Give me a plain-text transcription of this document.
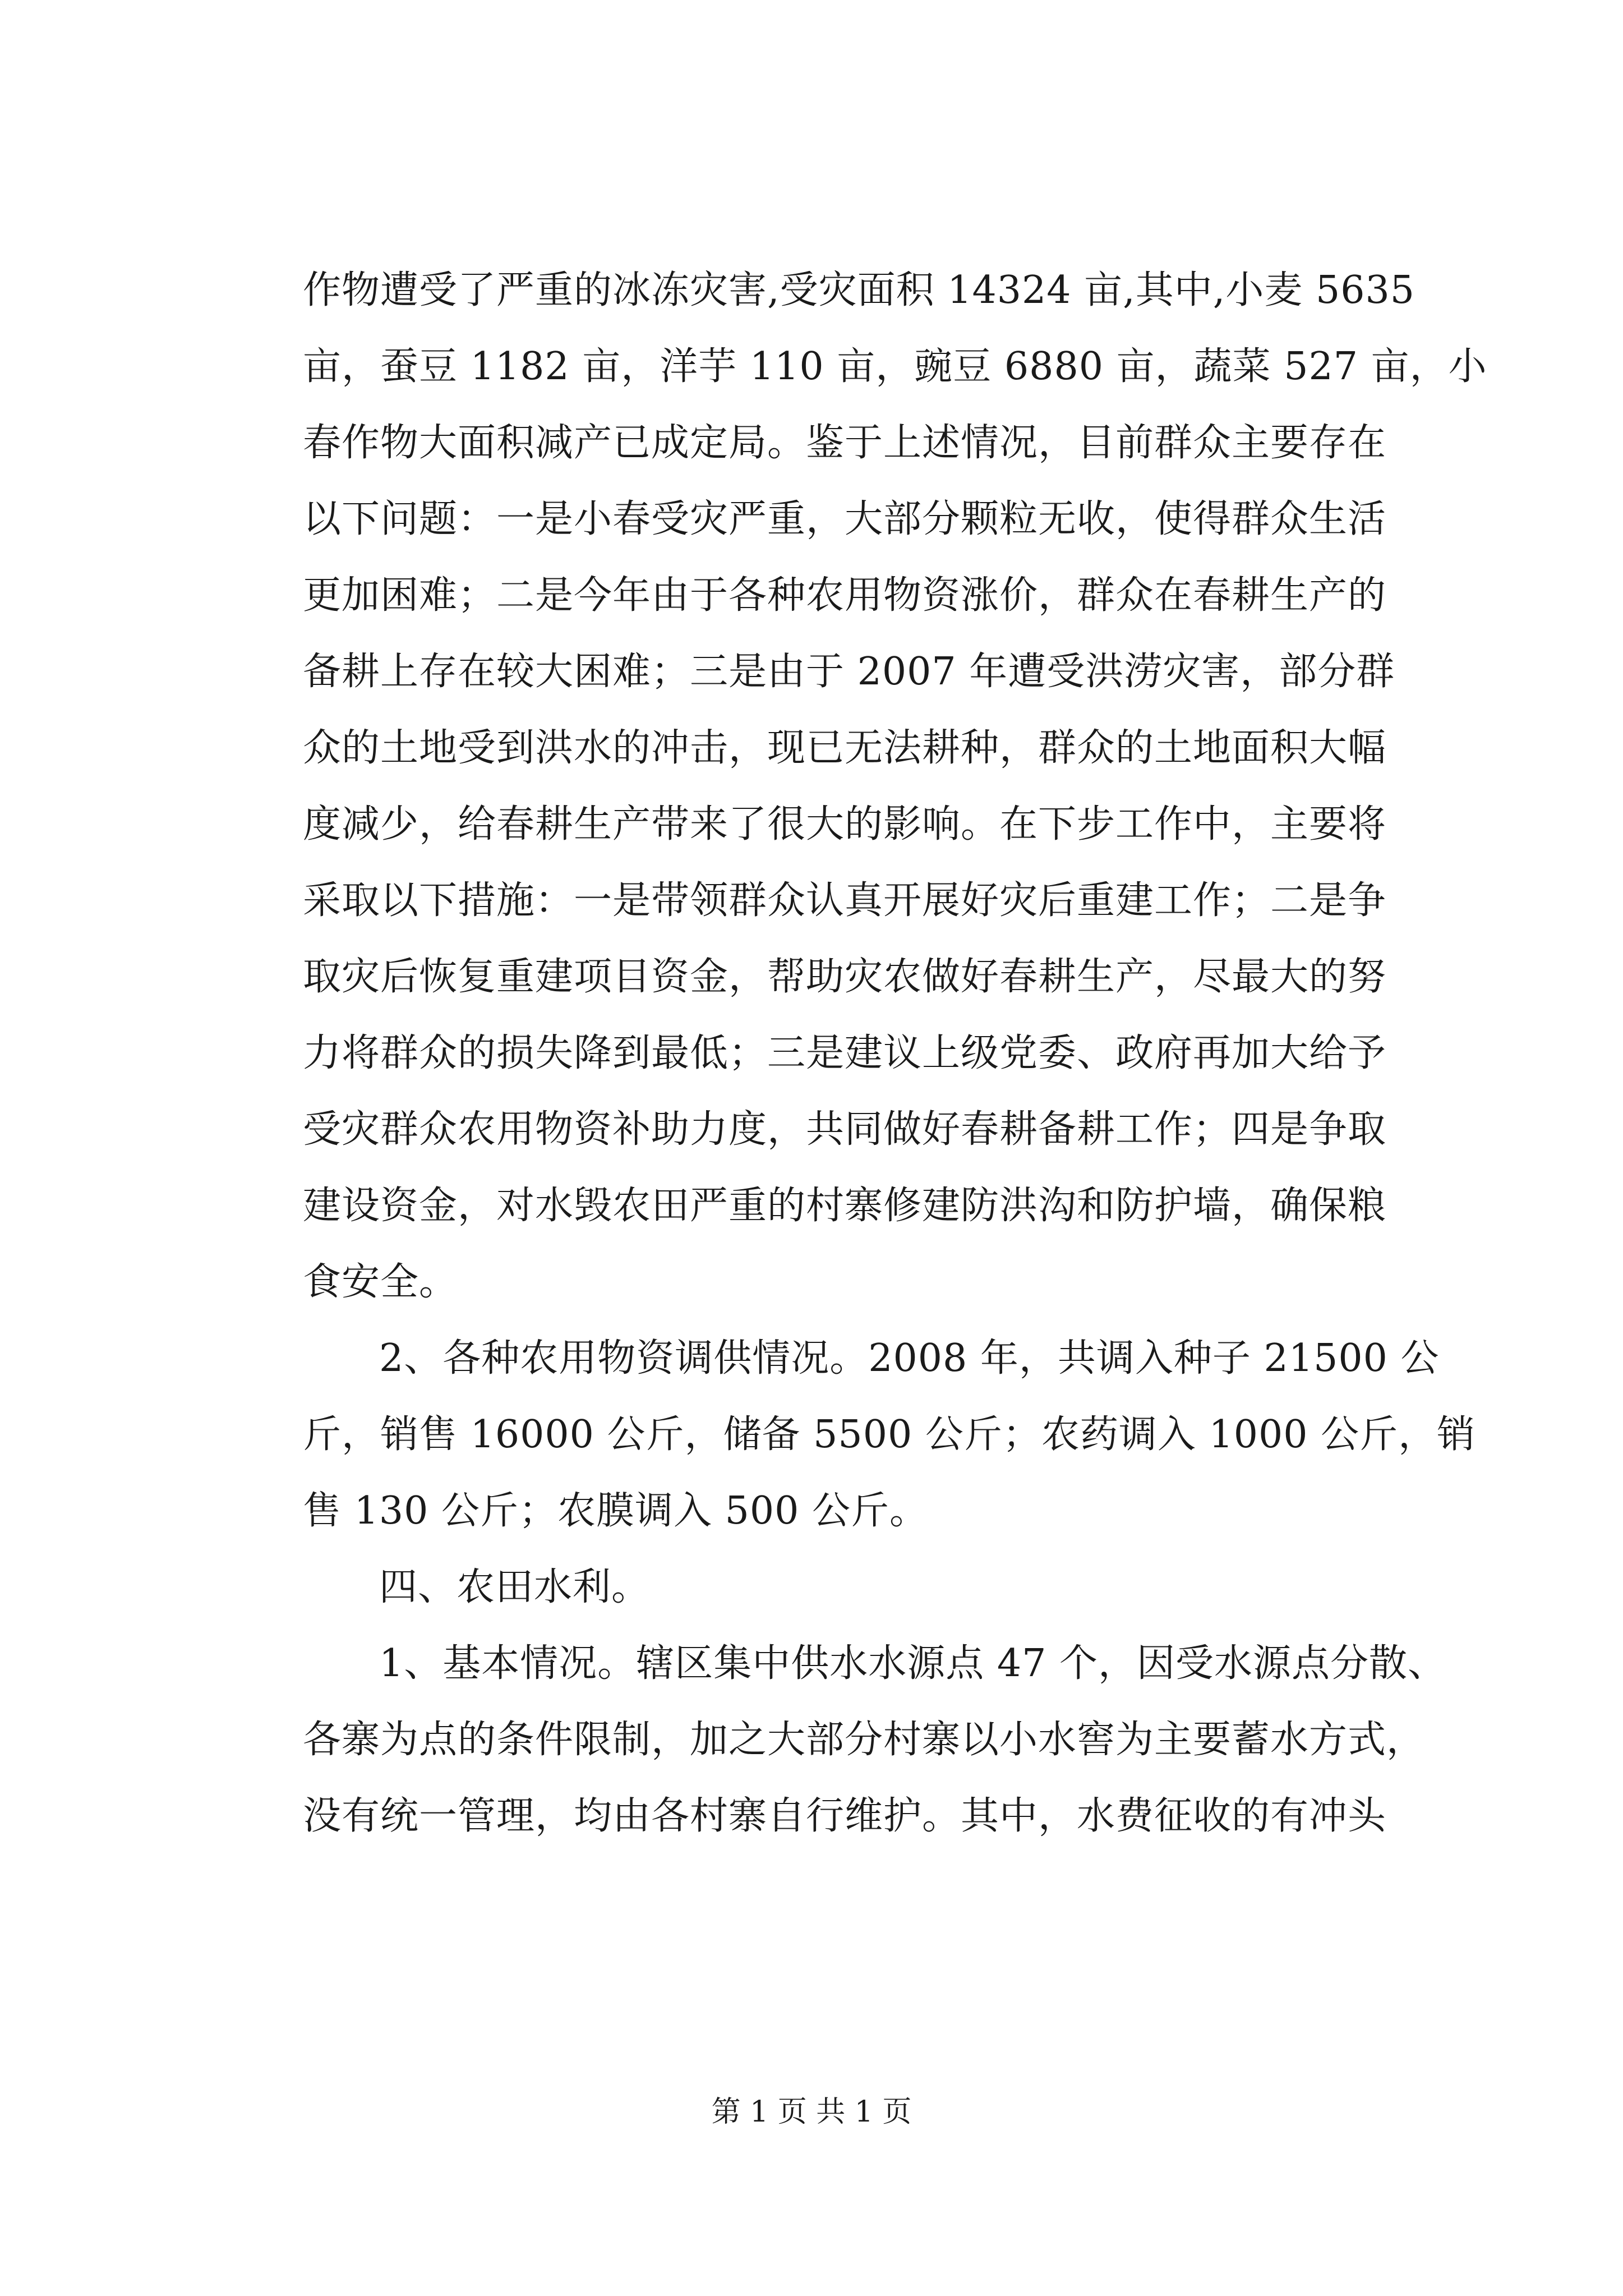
作物遭受了严重的冰冻灾害,受灾面积 14324 亩,其中,小麦 5635
亩，蚕豆 1182 亩，洋芋 110 亩，豌豆 6880 亩，蔬菜 527 亩，小
春作物大面积减产已成定局。鉴于上述情况，目前群众主要存在
以下问题：一是小春受灾严重，大部分颗粒无收，使得群众生活
更加困难；二是今年由于各种农用物资涨价，群众在春耕生产的
备耕上存在较大困难；三是由于 2007 年遭受洪涝灾害，部分群
众的土地受到洪水的冲击，现已无法耕种，群众的土地面积大幅
度减少，给春耕生产带来了很大的影响。在下步工作中，主要将
采取以下措施：一是带领群众认真开展好灾后重建工作；二是争
取灾后恢复重建项目资金，帮助灾农做好春耕生产，尽最大的努
力将群众的损失降到最低；三是建议上级党委、政府再加大给予
受灾群众农用物资补助力度，共同做好春耕备耕工作；四是争取
建设资金，对水毁农田严重的村寨修建防洪沟和防护墙，确保粮
食安全。
2、各种农用物资调供情况。2008 年，共调入种子 21500 公
斤，销售 16000 公斤，储备 5500 公斤；农药调入 1000 公斤，销
售 130 公斤；农膜调入 500 公斤。
四、农田水利。
1、基本情况。辖区集中供水水源点 47 个，因受水源点分散、
各寨为点的条件限制，加之大部分村寨以小水窖为主要蓄水方式，
没有统一管理，均由各村寨自行维护。其中，水费征收的有冲头
第 1 页 共 1 页
